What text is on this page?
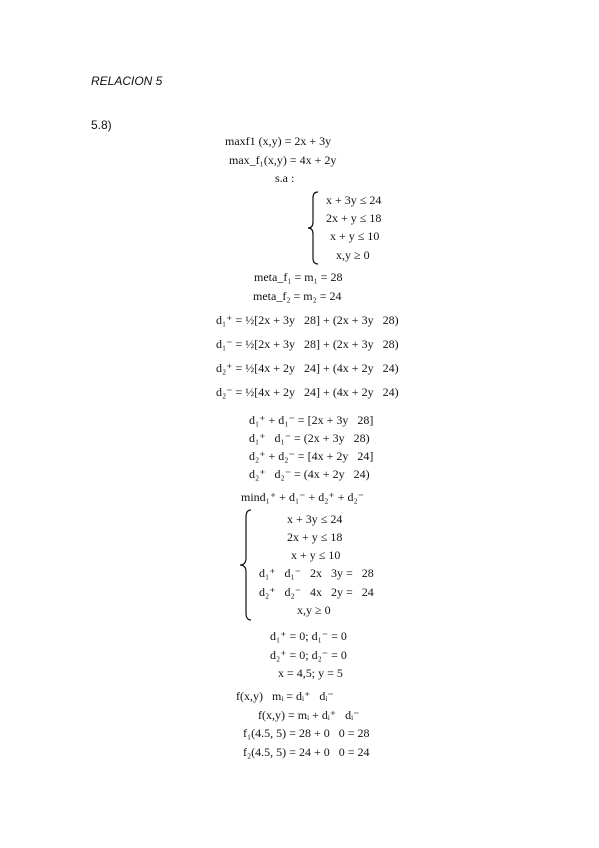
RELACION 5
5.8)
maxf1 (x,y) = 2x + 3y
max_f₁(x,y) = 4x + 2y
s.a :
x + 3y ≤ 24
2x + y ≤ 18
x + y ≤ 10
x,y ≥ 0
meta_f₁ = m₁ = 28
meta_f₂ = m₂ = 24
d₁⁺ = ½[2x + 3y   28] + (2x + 3y   28)
d₁⁻ = ½[2x + 3y   28] + (2x + 3y   28)
d₂⁺ = ½[4x + 2y   24] + (4x + 2y   24)
d₂⁻ = ½[4x + 2y   24] + (4x + 2y   24)
d₁⁺ + d₁⁻ = [2x + 3y   28]
d₁⁺   d₁⁻ = (2x + 3y   28)
d₂⁺ + d₂⁻ = [4x + 2y   24]
d₂⁺   d₂⁻ = (4x + 2y   24)
mind₁⁺ + d₁⁻ + d₂⁺ + d₂⁻
x + 3y ≤ 24
2x + y ≤ 18
x + y ≤ 10
d₁⁺   d₁⁻   2x   3y =   28
d₂⁺   d₂⁻   4x   2y =   24
x,y ≥ 0
d₁⁺ = 0; d₁⁻ = 0
d₂⁺ = 0; d₂⁻ = 0
x = 4,5; y = 5
f(x,y)   mᵢ = dᵢ⁺   dᵢ⁻
f(x,y) = mᵢ + dᵢ⁺   dᵢ⁻
f₁(4.5, 5) = 28 + 0   0 = 28
f₂(4.5, 5) = 24 + 0   0 = 24
